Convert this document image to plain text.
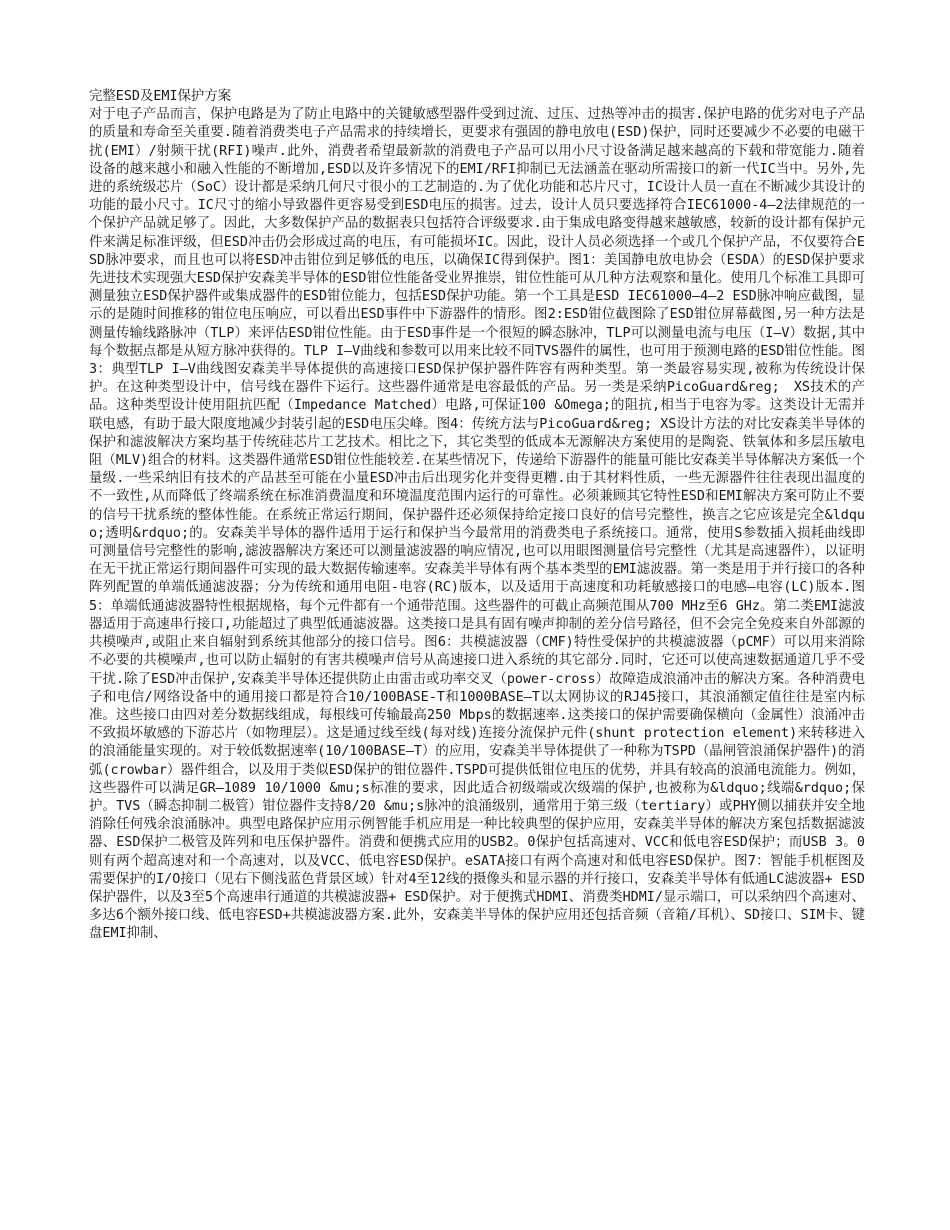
完整ESD及EMI保护方案

对于电子产品而言，保护电路是为了防止电路中的关键敏感型器件受到过流、过压、过热等冲击的损害.保护电路的优劣对电子产品的质量和寿命至关重要.随着消费类电子产品需求的持续增长，更要求有强固的静电放电(ESD)保护，同时还要减少不必要的电磁干扰(EMI）/射频干扰(RFI)噪声.此外，消费者希望最新款的消费电子产品可以用小尺寸设备满足越来越高的下载和带宽能力.随着设备的越来越小和融入性能的不断增加,ESD以及许多情况下的EMI/RFI抑制已无法涵盖在驱动所需接口的新一代IC当中。另外,先进的系统级芯片（SoC）设计都是采纳几何尺寸很小的工艺制造的.为了优化功能和芯片尺寸，IC设计人员一直在不断减少其设计的功能的最小尺寸。IC尺寸的缩小导致器件更容易受到ESD电压的损害。过去，设计人员只要选择符合IEC61000-4—2法律规范的一个保护产品就足够了。因此，大多数保护产品的数据表只包括符合评级要求.由于集成电路变得越来越敏感，较新的设计都有保护元件来满足标准评级，但ESD冲击仍会形成过高的电压，有可能损坏IC。因此，设计人员必须选择一个或几个保护产品，不仅要符合ESD脉冲要求，而且也可以将ESD冲击钳位到足够低的电压，以确保IC得到保护。图1：美国静电放电协会（ESDA）的ESD保护要求先进技术实现强大ESD保护安森美半导体的ESD钳位性能备受业界推崇，钳位性能可从几种方法观察和量化。使用几个标准工具即可测量独立ESD保护器件或集成器件的ESD钳位能力，包括ESD保护功能。第一个工具是ESD IEC61000—4—2 ESD脉冲响应截图，显示的是随时间推移的钳位电压响应，可以看出ESD事件中下游器件的情形。图2:ESD钳位截图除了ESD钳位屏幕截图,另一种方法是测量传输线路脉冲（TLP）来评估ESD钳位性能。由于ESD事件是一个很短的瞬态脉冲，TLP可以测量电流与电压（I—V）数据,其中每个数据点都是从短方脉冲获得的。TLP I—V曲线和参数可以用来比较不同TVS器件的属性，也可用于预测电路的ESD钳位性能。图3：典型TLP I—V曲线图安森美半导体提供的高速接口ESD保护保护器件阵容有两种类型。第一类最容易实现,被称为传统设计保护。在这种类型设计中，信号线在器件下运行。这些器件通常是电容最低的产品。另一类是采纳PicoGuard&reg;　XS技术的产品。这种类型设计使用阻抗匹配（Impedance Matched）电路,可保证100 &Omega;的阻抗,相当于电容为零。这类设计无需并联电感，有助于最大限度地减少封装引起的ESD电压尖峰。图4：传统方法与PicoGuard&reg; XS设计方法的对比安森美半导体的保护和滤波解决方案均基于传统硅芯片工艺技术。相比之下，其它类型的低成本无源解决方案使用的是陶瓷、铁氧体和多层压敏电阻（MLV)组合的材料。这类器件通常ESD钳位性能较差.在某些情况下，传递给下游器件的能量可能比安森美半导体解决方案低一个量级.一些采纳旧有技术的产品甚至可能在小量ESD冲击后出现劣化并变得更糟.由于其材料性质，一些无源器件往往表现出温度的不一致性,从而降低了终端系统在标准消费温度和环境温度范围内运行的可靠性。必须兼顾其它特性ESD和EMI解决方案可防止不要的信号干扰系统的整体性能。在系统正常运行期间，保护器件还必须保持给定接口良好的信号完整性，换言之它应该是完全&ldquo;透明&rdquo;的。安森美半导体的器件适用于运行和保护当今最常用的消费类电子系统接口。通常，使用S参数插入损耗曲线即可测量信号完整性的影响,滤波器解决方案还可以测量滤波器的响应情况,也可以用眼图测量信号完整性（尤其是高速器件），以证明在无干扰正常运行期间器件可实现的最大数据传输速率。安森美半导体有两个基本类型的EMI滤波器。第一类是用于并行接口的各种阵列配置的单端低通滤波器；分为传统和通用电阻-电容(RC)版本，以及适用于高速度和功耗敏感接口的电感—电容(LC)版本.图5：单端低通滤波器特性根据规格，每个元件都有一个通带范围。这些器件的可截止高频范围从700 MHz至6 GHz。第二类EMI滤波器适用于高速串行接口,功能超过了典型低通滤波器。这类接口是具有固有噪声抑制的差分信号路径，但不会完全免疫来自外部源的共模噪声,或阻止来自辐射到系统其他部分的接口信号。图6：共模滤波器（CMF)特性受保护的共模滤波器（pCMF）可以用来消除不必要的共模噪声,也可以防止辐射的有害共模噪声信号从高速接口进入系统的其它部分.同时，它还可以使高速数据通道几乎不受干扰.除了ESD冲击保护,安森美半导体还提供防止由雷击或功率交叉（power-cross）故障造成浪涌冲击的解决方案。各种消费电子和电信/网络设备中的通用接口都是符合10/100BASE-T和1000BASE—T以太网协议的RJ45接口，其浪涌额定值往往是室内标准。这些接口由四对差分数据线组成，每根线可传输最高250 Mbps的数据速率.这类接口的保护需要确保横向（金属性）浪涌冲击不致损坏敏感的下游芯片（如物理层）。这是通过线至线(每对线)连接分流保护元件(shunt protection element)来转移进入的浪涌能量实现的。对于较低数据速率(10/100BASE—T）的应用，安森美半导体提供了一种称为TSPD（晶闸管浪涌保护器件)的消弧(crowbar）器件组合，以及用于类似ESD保护的钳位器件.TSPD可提供低钳位电压的优势，并具有较高的浪涌电流能力。例如，这些器件可以满足GR—1089 10/1000 &mu;s标准的要求，因此适合初级端或次级端的保护,也被称为&ldquo;线端&rdquo;保护。TVS（瞬态抑制二极管）钳位器件支持8/20 &mu;s脉冲的浪涌级别，通常用于第三级（tertiary）或PHY侧以捕获并安全地消除任何残余浪涌脉冲。典型电路保护应用示例智能手机应用是一种比较典型的保护应用，安森美半导体的解决方案包括数据滤波器、ESD保护二极管及阵列和电压保护器件。消费和便携式应用的USB2。0保护包括高速对、VCC和低电容ESD保护；而USB 3。0则有两个超高速对和一个高速对，以及VCC、低电容ESD保护。eSATA接口有两个高速对和低电容ESD保护。图7：智能手机框图及需要保护的I/O接口（见右下侧浅蓝色背景区域）针对4至12线的摄像头和显示器的并行接口，安森美半导体有低通LC滤波器+ ESD保护器件，以及3至5个高速串行通道的共模滤波器+ ESD保护。对于便携式HDMI、消费类HDMI/显示端口，可以采纳四个高速对、多达6个额外接口线、低电容ESD+共模滤波器方案.此外，安森美半导体的保护应用还包括音频（音箱/耳机）、SD接口、SIM卡、键盘EMI抑制、
